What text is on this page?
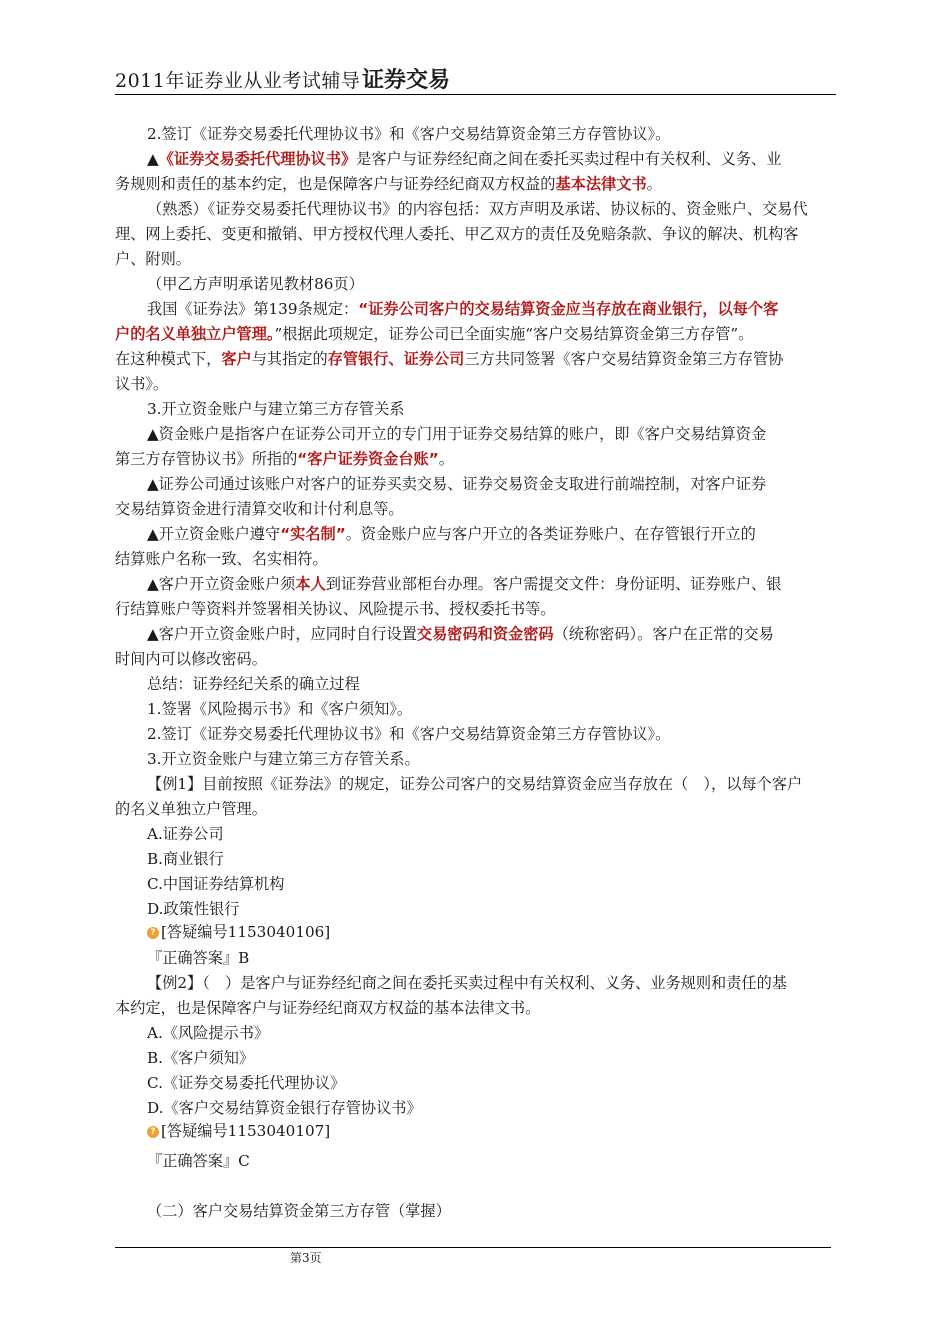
2011年证券业从业考试辅导 证券交易
2.签订《证券交易委托代理协议书》和《客户交易结算资金第三方存管协议》。
▲《证券交易委托代理协议书》是客户与证券经纪商之间在委托买卖过程中有关权利、义务、业
务规则和责任的基本约定，也是保障客户与证券经纪商双方权益的基本法律文书。
（熟悉）《证券交易委托代理协议书》的内容包括：双方声明及承诺、协议标的、资金账户、交易代
理、网上委托、变更和撤销、甲方授权代理人委托、甲乙双方的责任及免赔条款、争议的解决、机构客
户、附则。
（甲乙方声明承诺见教材86页）
我国《证券法》第139条规定：“证券公司客户的交易结算资金应当存放在商业银行，以每个客
户的名义单独立户管理。”根据此项规定，证券公司已全面实施“客户交易结算资金第三方存管”。
在这种模式下，客户与其指定的存管银行、证券公司三方共同签署《客户交易结算资金第三方存管协
议书》。
3.开立资金账户与建立第三方存管关系
▲资金账户是指客户在证券公司开立的专门用于证券交易结算的账户，即《客户交易结算资金
第三方存管协议书》所指的“客户证券资金台账”。
▲证券公司通过该账户对客户的证券买卖交易、证券交易资金支取进行前端控制，对客户证券
交易结算资金进行清算交收和计付利息等。
▲开立资金账户遵守“实名制”。资金账户应与客户开立的各类证券账户、在存管银行开立的
结算账户名称一致、名实相符。
▲客户开立资金账户须本人到证券营业部柜台办理。客户需提交文件：身份证明、证券账户、银
行结算账户等资料并签署相关协议、风险提示书、授权委托书等。
▲客户开立资金账户时，应同时自行设置交易密码和资金密码（统称密码）。客户在正常的交易
时间内可以修改密码。
总结：证券经纪关系的确立过程
1.签署《风险揭示书》和《客户须知》。
2.签订《证券交易委托代理协议书》和《客户交易结算资金第三方存管协议》。
3.开立资金账户与建立第三方存管关系。
【例1】目前按照《证券法》的规定，证券公司客户的交易结算资金应当存放在（　），以每个客户
的名义单独立户管理。
A.证券公司
B.商业银行
C.中国证券结算机构
D.政策性银行
? [答疑编号1153040106]
『正确答案』B
【例2】（　）是客户与证券经纪商之间在委托买卖过程中有关权利、义务、业务规则和责任的基
本约定，也是保障客户与证券经纪商双方权益的基本法律文书。
A.《风险提示书》
B.《客户须知》
C.《证券交易委托代理协议》
D.《客户交易结算资金银行存管协议书》
? [答疑编号1153040107]
『正确答案』C
（二）客户交易结算资金第三方存管（掌握）
第3页
